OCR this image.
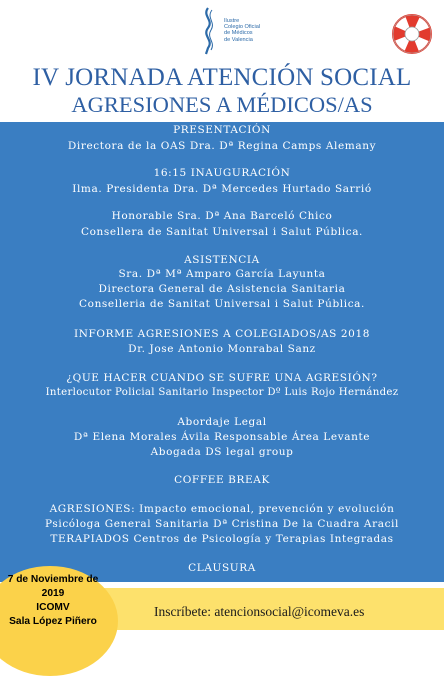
Ilustre
Colegio Oficial
de Médicos
de Valencia
IV JORNADA ATENCIÓN SOCIAL
AGRESIONES A MÉDICOS/AS
PRESENTACIÓN
Directora de la OAS Dra. Dª Regina Camps Alemany
16:15 INAUGURACIÓN
Ilma. Presidenta Dra. Dª Mercedes Hurtado Sarrió
Honorable Sra. Dª Ana Barceló Chico
Consellera de Sanitat Universal i Salut Pública.
ASISTENCIA
Sra. Dª Mª Amparo García Layunta
Directora General de Asistencia Sanitaria
Conselleria de Sanitat Universal i Salut Pública.
INFORME AGRESIONES A COLEGIADOS/AS 2018
Dr. Jose Antonio Monrabal Sanz
¿QUE HACER CUANDO SE SUFRE UNA AGRESIÓN?
Interlocutor Policial Sanitario Inspector Dº Luis Rojo Hernández
Abordaje Legal
Dª Elena Morales Ávila Responsable Área Levante
Abogada DS legal group
COFFEE BREAK
AGRESIONES: Impacto emocional, prevención y evolución
Psicóloga General Sanitaria Dª Cristina De la Cuadra Aracil
TERAPIADOS Centros de Psicología y Terapias Integradas
CLAUSURA
7 de Noviembre de
2019
ICOMV
Sala López Piñero
Inscríbete: atencionsocial@icomeva.es
